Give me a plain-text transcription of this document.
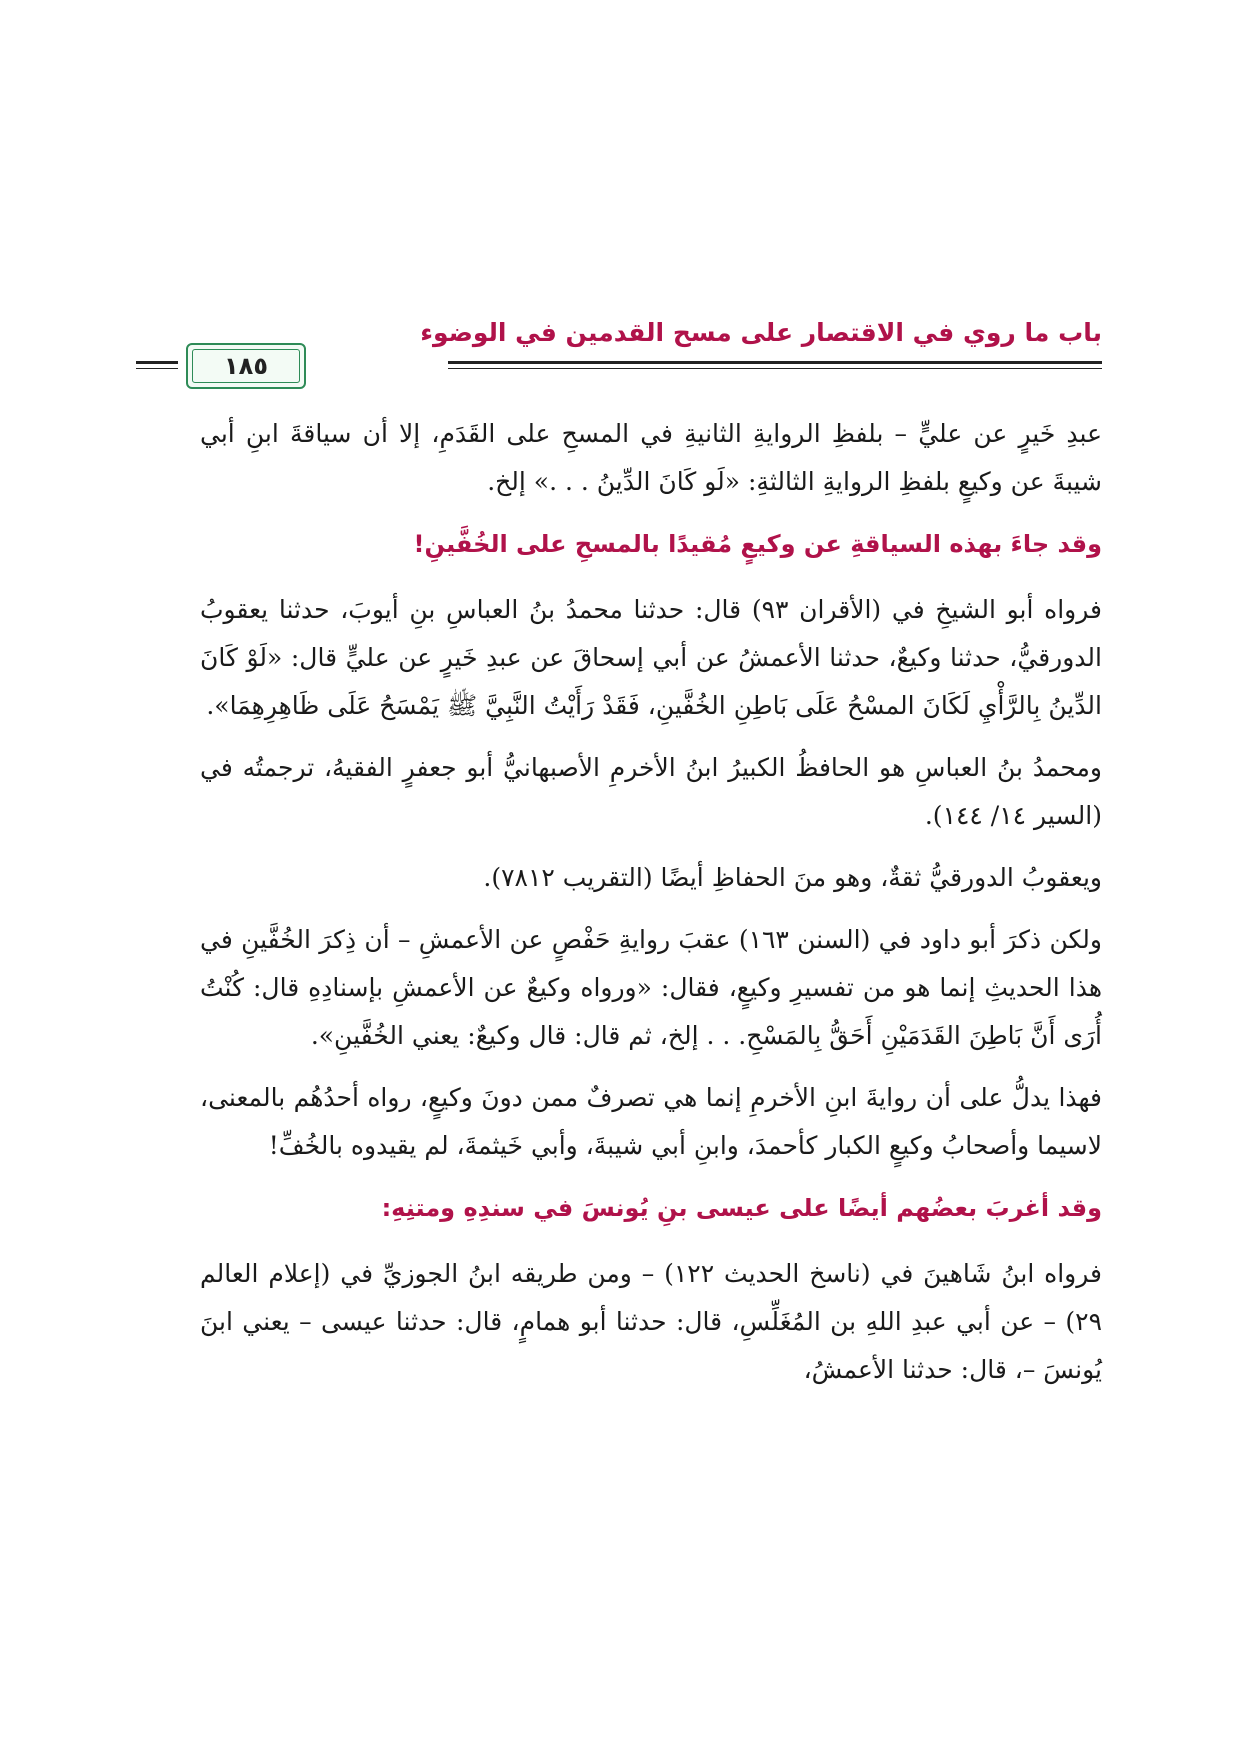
باب ما روي في الاقتصار على مسح القدمين في الوضوء
١٨٥

عبدِ خَيرٍ عن عليٍّ – بلفظِ الروايةِ الثانيةِ في المسحِ على القَدَمِ، إلا أن سياقةَ ابنِ أبي شيبةَ عن وكيعٍ بلفظِ الروايةِ الثالثةِ: «لَو كَانَ الدِّينُ . . .» إلخ.

وقد جاءَ بهذه السياقةِ عن وكيعٍ مُقيدًا بالمسحِ على الخُفَّينِ!

فرواه أبو الشيخِ في (الأقران ٩٣) قال: حدثنا محمدُ بنُ العباسِ بنِ أيوبَ، حدثنا يعقوبُ الدورقيُّ، حدثنا وكيعٌ، حدثنا الأعمشُ عن أبي إسحاقَ عن عبدِ خَيرٍ عن عليٍّ قال: «لَوْ كَانَ الدِّينُ بِالرَّأْيِ لَكَانَ المسْحُ عَلَى بَاطِنِ الخُفَّينِ، فَقَدْ رَأَيْتُ النَّبِيَّ ﷺ يَمْسَحُ عَلَى ظَاهِرِهِمَا».

ومحمدُ بنُ العباسِ هو الحافظُ الكبيرُ ابنُ الأخرمِ الأصبهانيُّ أبو جعفرٍ الفقيهُ، ترجمتُه في (السير ١٤/ ١٤٤).

ويعقوبُ الدورقيُّ ثقةٌ، وهو منَ الحفاظِ أيضًا (التقريب ٧٨١٢).

ولكن ذكرَ أبو داود في (السنن ١٦٣) عقبَ روايةِ حَفْصٍ عن الأعمشِ – أن ذِكرَ الخُفَّينِ في هذا الحديثِ إنما هو من تفسيرِ وكيعٍ، فقال: «ورواه وكيعٌ عن الأعمشِ بإسنادِهِ قال: كُنْتُ أُرَى أَنَّ بَاطِنَ القَدَمَيْنِ أَحَقُّ بِالمَسْحِ. . . إلخ، ثم قال: قال وكيعٌ: يعني الخُفَّينِ».

فهذا يدلُّ على أن روايةَ ابنِ الأخرمِ إنما هي تصرفٌ ممن دونَ وكيعٍ، رواه أحدُهُم بالمعنى، لاسيما وأصحابُ وكيعٍ الكبار كأحمدَ، وابنِ أبي شيبةَ، وأبي خَيثمةَ، لم يقيدوه بالخُفِّ!

وقد أغربَ بعضُهم أيضًا على عيسى بنِ يُونسَ في سندِهِ ومتنِهِ:

فرواه ابنُ شَاهينَ في (ناسخ الحديث ١٢٢) – ومن طريقه ابنُ الجوزيِّ في (إعلام العالم ٢٩) – عن أبي عبدِ اللهِ بن المُغَلِّسِ، قال: حدثنا أبو همامٍ، قال: حدثنا عيسى – يعني ابنَ يُونسَ –، قال: حدثنا الأعمشُ،
